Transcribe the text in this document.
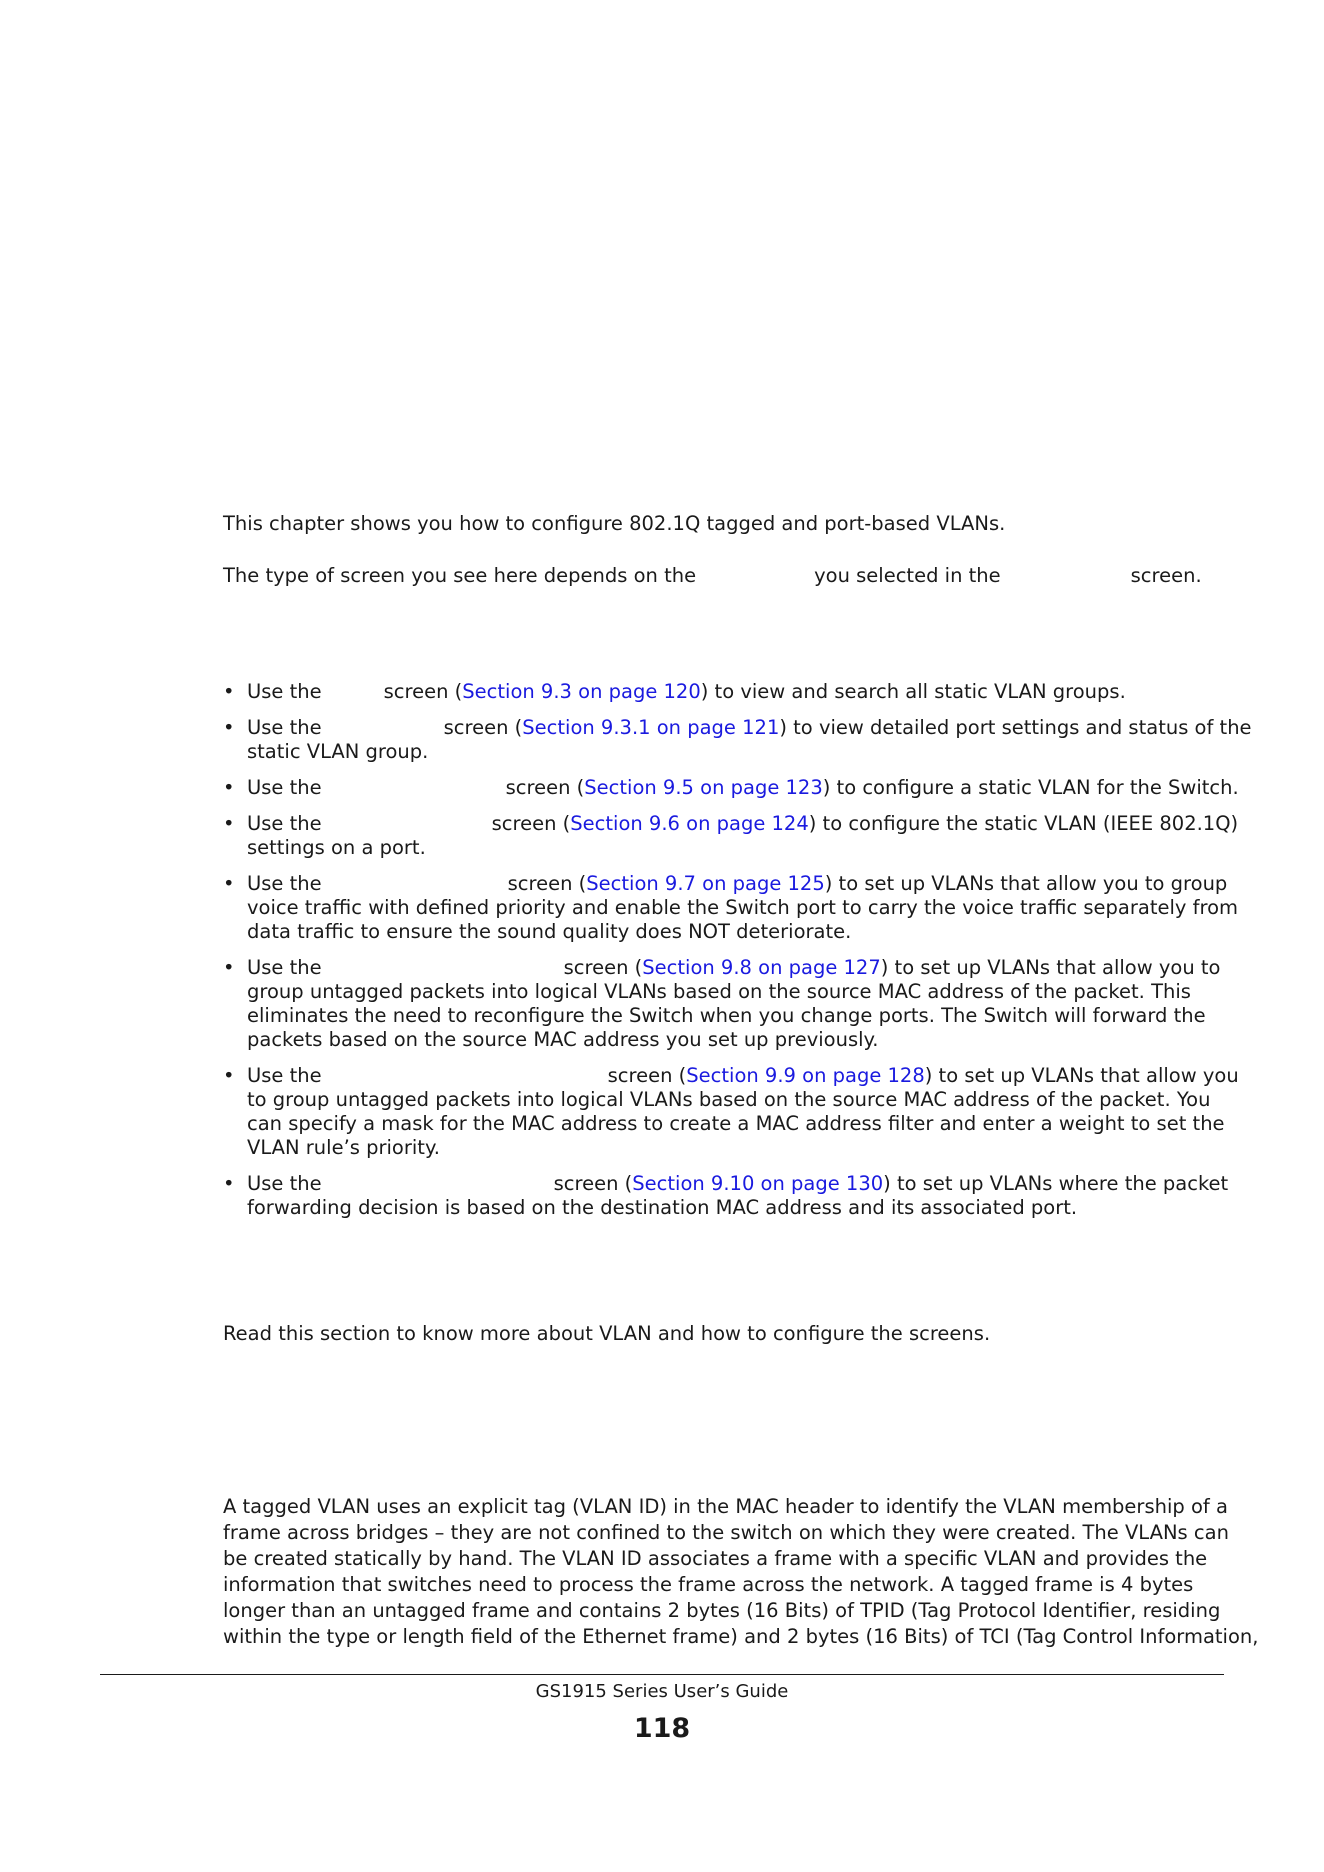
This chapter shows you how to configure 802.1Q tagged and port-based VLANs.

The type of screen you see here depends on the	you selected in the	screen.

• Use the	screen (Section 9.3 on page 120) to view and search all static VLAN groups.
• Use the	screen (Section 9.3.1 on page 121) to view detailed port settings and status of the
static VLAN group.
• Use the	screen (Section 9.5 on page 123) to configure a static VLAN for the Switch.
• Use the	screen (Section 9.6 on page 124) to configure the static VLAN (IEEE 802.1Q)
settings on a port.
• Use the	screen (Section 9.7 on page 125) to set up VLANs that allow you to group
voice traffic with defined priority and enable the Switch port to carry the voice traffic separately from
data traffic to ensure the sound quality does NOT deteriorate.
• Use the	screen (Section 9.8 on page 127) to set up VLANs that allow you to
group untagged packets into logical VLANs based on the source MAC address of the packet. This
eliminates the need to reconfigure the Switch when you change ports. The Switch will forward the
packets based on the source MAC address you set up previously.
• Use the	screen (Section 9.9 on page 128) to set up VLANs that allow you
to group untagged packets into logical VLANs based on the source MAC address of the packet. You
can specify a mask for the MAC address to create a MAC address filter and enter a weight to set the
VLAN rule’s priority.
• Use the	screen (Section 9.10 on page 130) to set up VLANs where the packet
forwarding decision is based on the destination MAC address and its associated port.

Read this section to know more about VLAN and how to configure the screens.

A tagged VLAN uses an explicit tag (VLAN ID) in the MAC header to identify the VLAN membership of a

frame across bridges – they are not confined to the switch on which they were created. The VLANs can

be created statically by hand. The VLAN ID associates a frame with a specific VLAN and provides the

information that switches need to process the frame across the network. A tagged frame is 4 bytes

longer than an untagged frame and contains 2 bytes (16 Bits) of TPID (Tag Protocol Identifier, residing

within the type or length field of the Ethernet frame) and 2 bytes (16 Bits) of TCI (Tag Control Information,

GS1915 Series User’s Guide
118
